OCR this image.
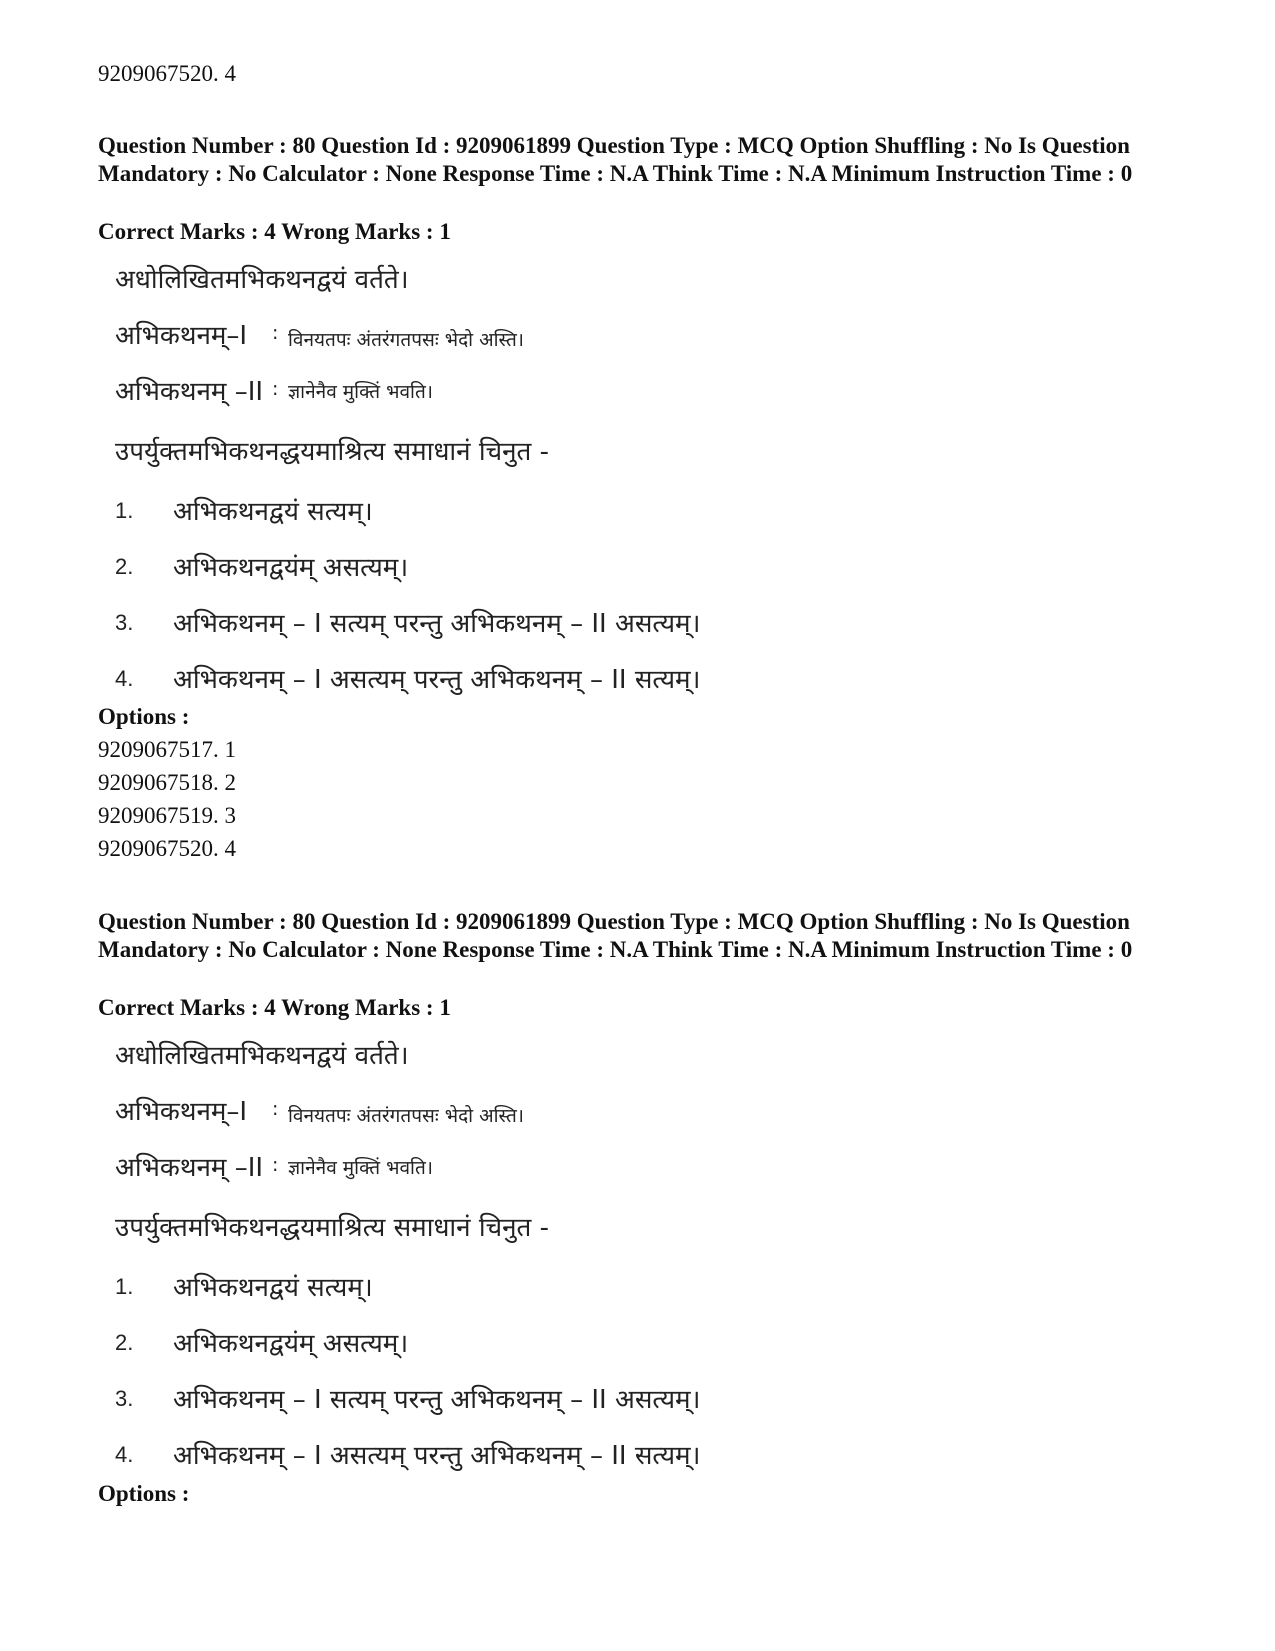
9209067520. 4
Question Number : 80 Question Id : 9209061899 Question Type : MCQ Option Shuffling : No Is Question Mandatory : No Calculator : None Response Time : N.A Think Time : N.A Minimum Instruction Time : 0
Correct Marks : 4 Wrong Marks : 1
अधोलिखितमभिकथनद्वयं वर्तते।
अभिकथनम्–I : विनयतपः अंतरंगतपसः भेदो अस्ति।
अभिकथनम् –II : ज्ञानेनैव मुक्तिं भवति।
उपर्युक्तमभिकथनद्धयमाश्रित्य समाधानं चिनुत -
1. अभिकथनद्वयं सत्यम्।
2. अभिकथनद्वयंम् असत्यम्।
3. अभिकथनम् – I सत्यम् परन्तु अभिकथनम् – II असत्यम्।
4. अभिकथनम् – I असत्यम् परन्तु अभिकथनम् – II सत्यम्।
Options :
9209067517. 1
9209067518. 2
9209067519. 3
9209067520. 4
Question Number : 80 Question Id : 9209061899 Question Type : MCQ Option Shuffling : No Is Question Mandatory : No Calculator : None Response Time : N.A Think Time : N.A Minimum Instruction Time : 0
Correct Marks : 4 Wrong Marks : 1
अधोलिखितमभिकथनद्वयं वर्तते।
अभिकथनम्–I : विनयतपः अंतरंगतपसः भेदो अस्ति।
अभिकथनम् –II : ज्ञानेनैव मुक्तिं भवति।
उपर्युक्तमभिकथनद्धयमाश्रित्य समाधानं चिनुत -
1. अभिकथनद्वयं सत्यम्।
2. अभिकथनद्वयंम् असत्यम्।
3. अभिकथनम् – I सत्यम् परन्तु अभिकथनम् – II असत्यम्।
4. अभिकथनम् – I असत्यम् परन्तु अभिकथनम् – II सत्यम्।
Options :
